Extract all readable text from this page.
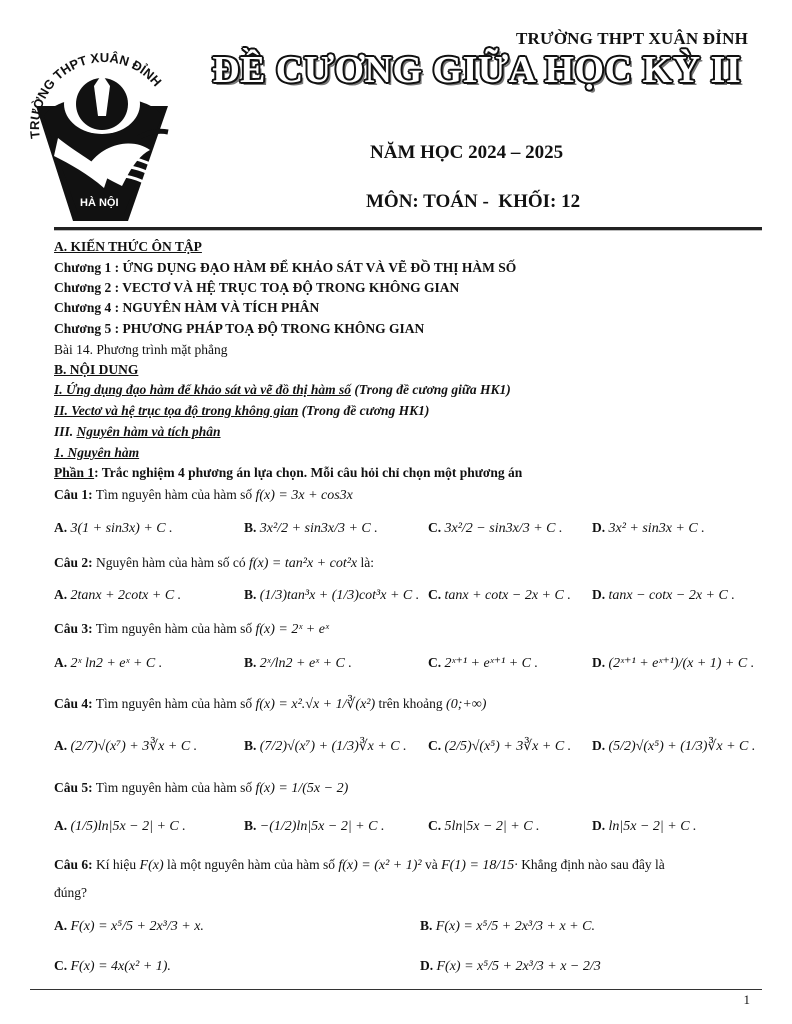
TRƯỜNG THPT XUÂN ĐỈNH
HÀ NỘI
TRƯỜNG THPT XUÂN ĐỈNH
ĐỀ CƯƠNG GIỮA HỌC KỲ II
NĂM HỌC 2024 – 2025
MÔN: TOÁN -  KHỐI: 12
A. KIẾN THỨC ÔN TẬP
Chương 1 : ỨNG DỤNG ĐẠO HÀM ĐỂ KHẢO SÁT VÀ VẼ ĐỒ THỊ HÀM SỐ
Chương 2 : VECTƠ VÀ HỆ TRỤC TOẠ ĐỘ TRONG KHÔNG GIAN
Chương 4 : NGUYÊN HÀM VÀ TÍCH PHÂN
Chương 5 : PHƯƠNG PHÁP TOẠ ĐỘ TRONG KHÔNG GIAN
Bài 14. Phương trình mặt phẳng
B. NỘI DUNG
I. Ứng dụng đạo hàm để khảo sát và vẽ đồ thị hàm số (Trong đề cương giữa HK1)
II. Vectơ và hệ trục tọa độ trong không gian (Trong đề cương HK1)
III. Nguyên hàm và tích phân
1. Nguyên hàm
Phần 1: Trắc nghiệm 4 phương án lựa chọn. Mỗi câu hỏi chỉ chọn một phương án
Câu 1: Tìm nguyên hàm của hàm số f(x) = 3x + cos3x
A. 3(1 + sin3x) + C .	B. 3x²/2 + sin3x/3 + C .	C. 3x²/2 − sin3x/3 + C . D. 3x² + sin3x + C .
Câu 2: Nguyên hàm của hàm số có f(x) = tan²x + cot²x là:
A. 2tanx + 2cotx + C .	B. (1/3)tan³x + (1/3)cot³x + C . C. tanx + cotx − 2x + C . D. tanx − cotx − 2x + C .
Câu 3: Tìm nguyên hàm của hàm số f(x) = 2ˣ + eˣ
A. 2ˣ ln2 + eˣ + C .	B. 2ˣ/ln2 + eˣ + C .	C. 2ˣ⁺¹ + eˣ⁺¹ + C .	D. (2ˣ⁺¹ + eˣ⁺¹)/(x + 1) + C .
Câu 4: Tìm nguyên hàm của hàm số f(x) = x².√x + 1/∛(x²) trên khoảng (0;+∞)
A. (2/7)√(x⁷) + 3∛x + C .	B. (7/2)√(x⁷) + (1/3)∛x + C . C. (2/5)√(x⁵) + 3∛x + C . D. (5/2)√(x⁵) + (1/3)∛x + C .
Câu 5: Tìm nguyên hàm của hàm số f(x) = 1/(5x − 2)
A. (1/5)ln|5x − 2| + C .	B. −(1/2)ln|5x − 2| + C .	C. 5ln|5x − 2| + C .	D. ln|5x − 2| + C .
Câu 6: Kí hiệu F(x) là một nguyên hàm của hàm số f(x) = (x² + 1)² và F(1) = 18/15· Khẳng định nào sau đây là
đúng?
A. F(x) = x⁵/5 + 2x³/3 + x.	B. F(x) = x⁵/5 + 2x³/3 + x + C.
C. F(x) = 4x(x² + 1).	D. F(x) = x⁵/5 + 2x³/3 + x − 2/3
1
